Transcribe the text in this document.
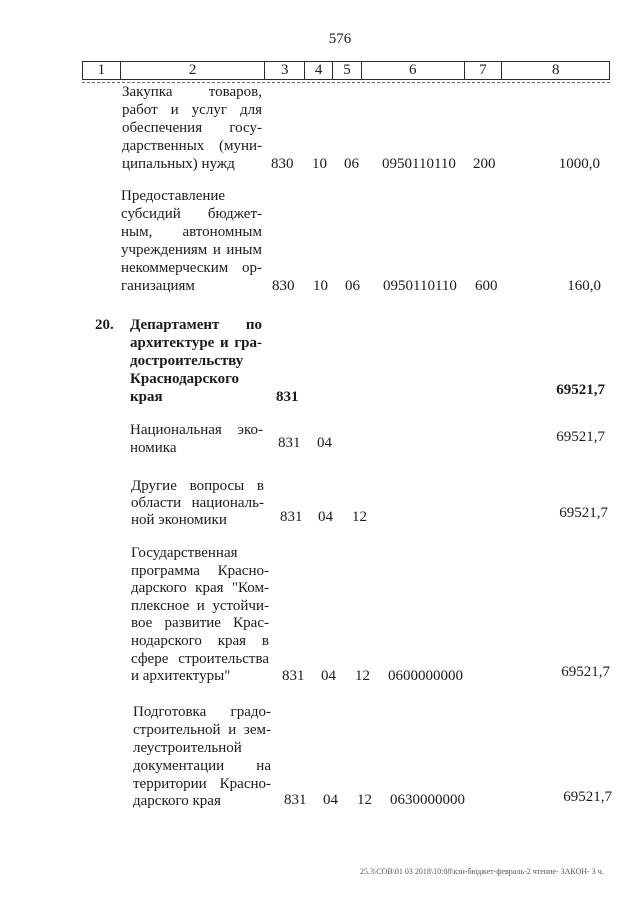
576
1	2	3	4	5	6	7	8
Закупка товаров,
работ и услуг для
обеспечения госу-
дарственных (муни-
ципальных) нужд 830 10 06 0950110110 200	1000,0
Предоставление
субсидий бюджет-
ным, автономным
учреждениям и иным
некоммерческим ор-
ганизациям	830 10 06 0950110110 600	160,0
20. Департамент по
архитектуре и гра-
достроительству
Краснодарского
края	831	69521,7
Национальная эко-
номика	831 04	69521,7
Другие вопросы в
области националь-
ной экономики	831 04 12	69521,7
Государственная
программа Красно-
дарского края "Ком-
плексное и устойчи-
вое развитие Крас-
нодарского края в
сфере строительства
и архитектуры"	831 04 12 0600000000	69521,7
Подготовка градо-
строительной и зем-
леустроительной
документации на
территории Красно-
дарского края	831 04 12 0630000000	69521,7
25.3\СОВ\01 03 2018\10:08\кзн-бюджет-февраль-2 чтение- ЗАКОН- 3 ч.
